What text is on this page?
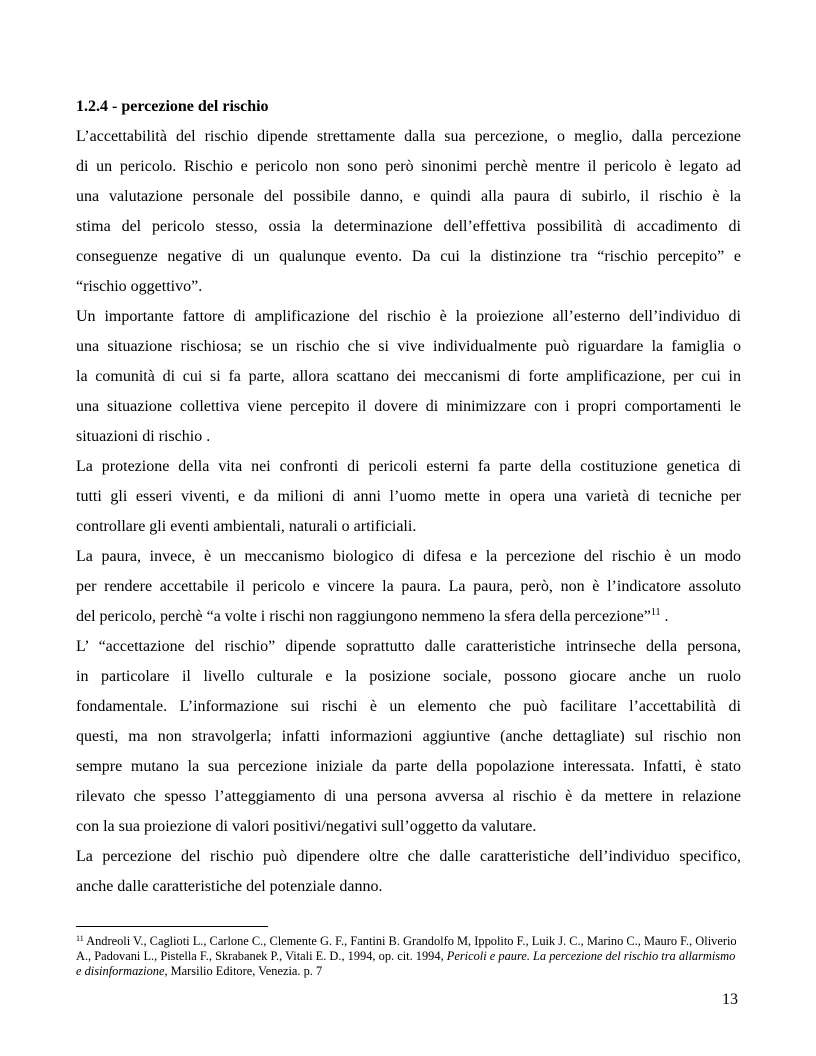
1.2.4 - percezione del rischio
L’accettabilità del rischio dipende strettamente dalla sua percezione, o meglio, dalla percezione
di un pericolo. Rischio e pericolo non sono però sinonimi perchè mentre il pericolo è legato ad
una valutazione personale del possibile danno, e quindi alla paura di subirlo, il rischio è la
stima del pericolo stesso, ossia la determinazione dell’effettiva possibilità di accadimento di
conseguenze negative di un qualunque evento. Da cui la distinzione tra “rischio percepito” e
“rischio oggettivo”.
Un importante fattore di amplificazione del rischio è la proiezione all’esterno dell’individuo di
una situazione rischiosa; se un rischio che si vive individualmente può riguardare la famiglia o
la comunità di cui si fa parte, allora scattano dei meccanismi di forte amplificazione, per cui in
una situazione collettiva viene percepito il dovere di minimizzare con i propri comportamenti le
situazioni di rischio .
La protezione della vita nei confronti di pericoli esterni fa parte della costituzione genetica di
tutti gli esseri viventi, e da milioni di anni l’uomo mette in opera una varietà di tecniche per
controllare gli eventi ambientali, naturali o artificiali.
La paura, invece, è un meccanismo biologico di difesa e la percezione del rischio è un modo
per rendere accettabile il pericolo e vincere la paura. La paura, però, non è l’indicatore assoluto
del pericolo, perchè “a volte i rischi non raggiungono nemmeno la sfera della percezione”$^{11}$ .
L’ “accettazione del rischio” dipende soprattutto dalle caratteristiche intrinseche della persona,
in particolare il livello culturale e la posizione sociale, possono giocare anche un ruolo
fondamentale. L’informazione sui rischi è un elemento che può facilitare l’accettabilità di
questi, ma non stravolgerla; infatti informazioni aggiuntive (anche dettagliate) sul rischio non
sempre mutano la sua percezione iniziale da parte della popolazione interessata. Infatti, è stato
rilevato che spesso l’atteggiamento di una persona avversa al rischio è da mettere in relazione
con la sua proiezione di valori positivi/negativi sull’oggetto da valutare.
La percezione del rischio può dipendere oltre che dalle caratteristiche dell’individuo specifico,
anche dalle caratteristiche del potenziale danno.
$^{11}$ Andreoli V., Caglioti L., Carlone C., Clemente G. F., Fantini B. Grandolfo M, Ippolito F., Luik J. C., Marino C., Mauro F., Oliverio A., Padovani L., Pistella F., Skrabanek P., Vitali E. D., 1994, op. cit. 1994, Pericoli e paure. La percezione del rischio tra allarmismo e disinformazione, Marsilio Editore, Venezia. p. 7
13
